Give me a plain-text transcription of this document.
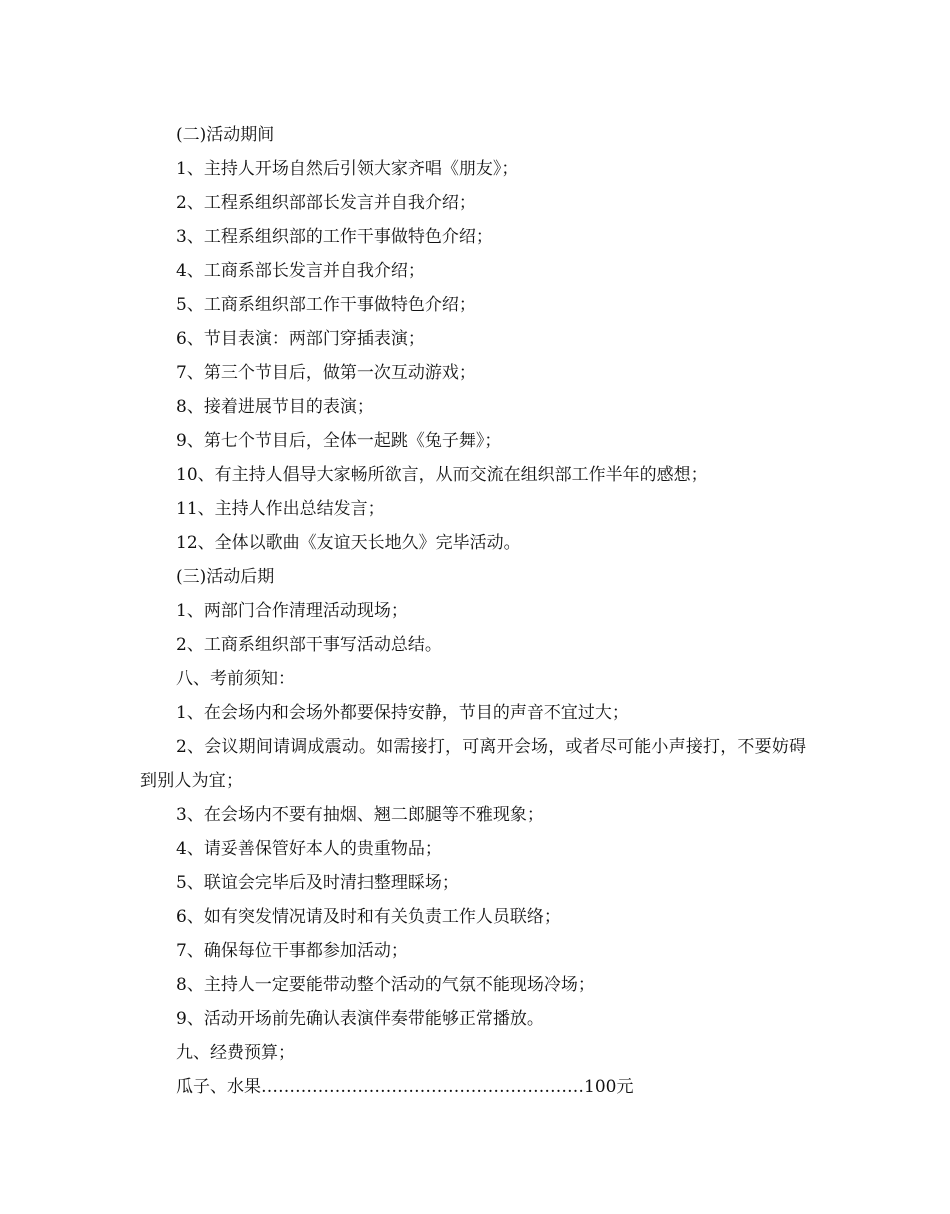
(二)活动期间

1、主持人开场自然后引领大家齐唱《朋友》；

2、工程系组织部部长发言并自我介绍；

3、工程系组织部的工作干事做特色介绍；

4、工商系部长发言并自我介绍；

5、工商系组织部工作干事做特色介绍；

6、节目表演：两部门穿插表演；

7、第三个节目后，做第一次互动游戏；

8、接着进展节目的表演；

9、第七个节目后，全体一起跳《兔子舞》；

10、有主持人倡导大家畅所欲言，从而交流在组织部工作半年的感想；

11、主持人作出总结发言；

12、全体以歌曲《友谊天长地久》完毕活动。

(三)活动后期

1、两部门合作清理活动现场；

2、工商系组织部干事写活动总结。

八、考前须知：

1、在会场内和会场外都要保持安静，节目的声音不宜过大；

2、会议期间请调成震动。如需接打，可离开会场，或者尽可能小声接打，不要妨碍到别人为宜；

3、在会场内不要有抽烟、翘二郎腿等不雅现象；

4、请妥善保管好本人的贵重物品；

5、联谊会完毕后及时清扫整理睬场；

6、如有突发情况请及时和有关负责工作人员联络；

7、确保每位干事都参加活动；

8、主持人一定要能带动整个活动的气氛不能现场冷场；

9、活动开场前先确认表演伴奏带能够正常播放。

九、经费预算；

瓜子、水果…………………………………………………100元
